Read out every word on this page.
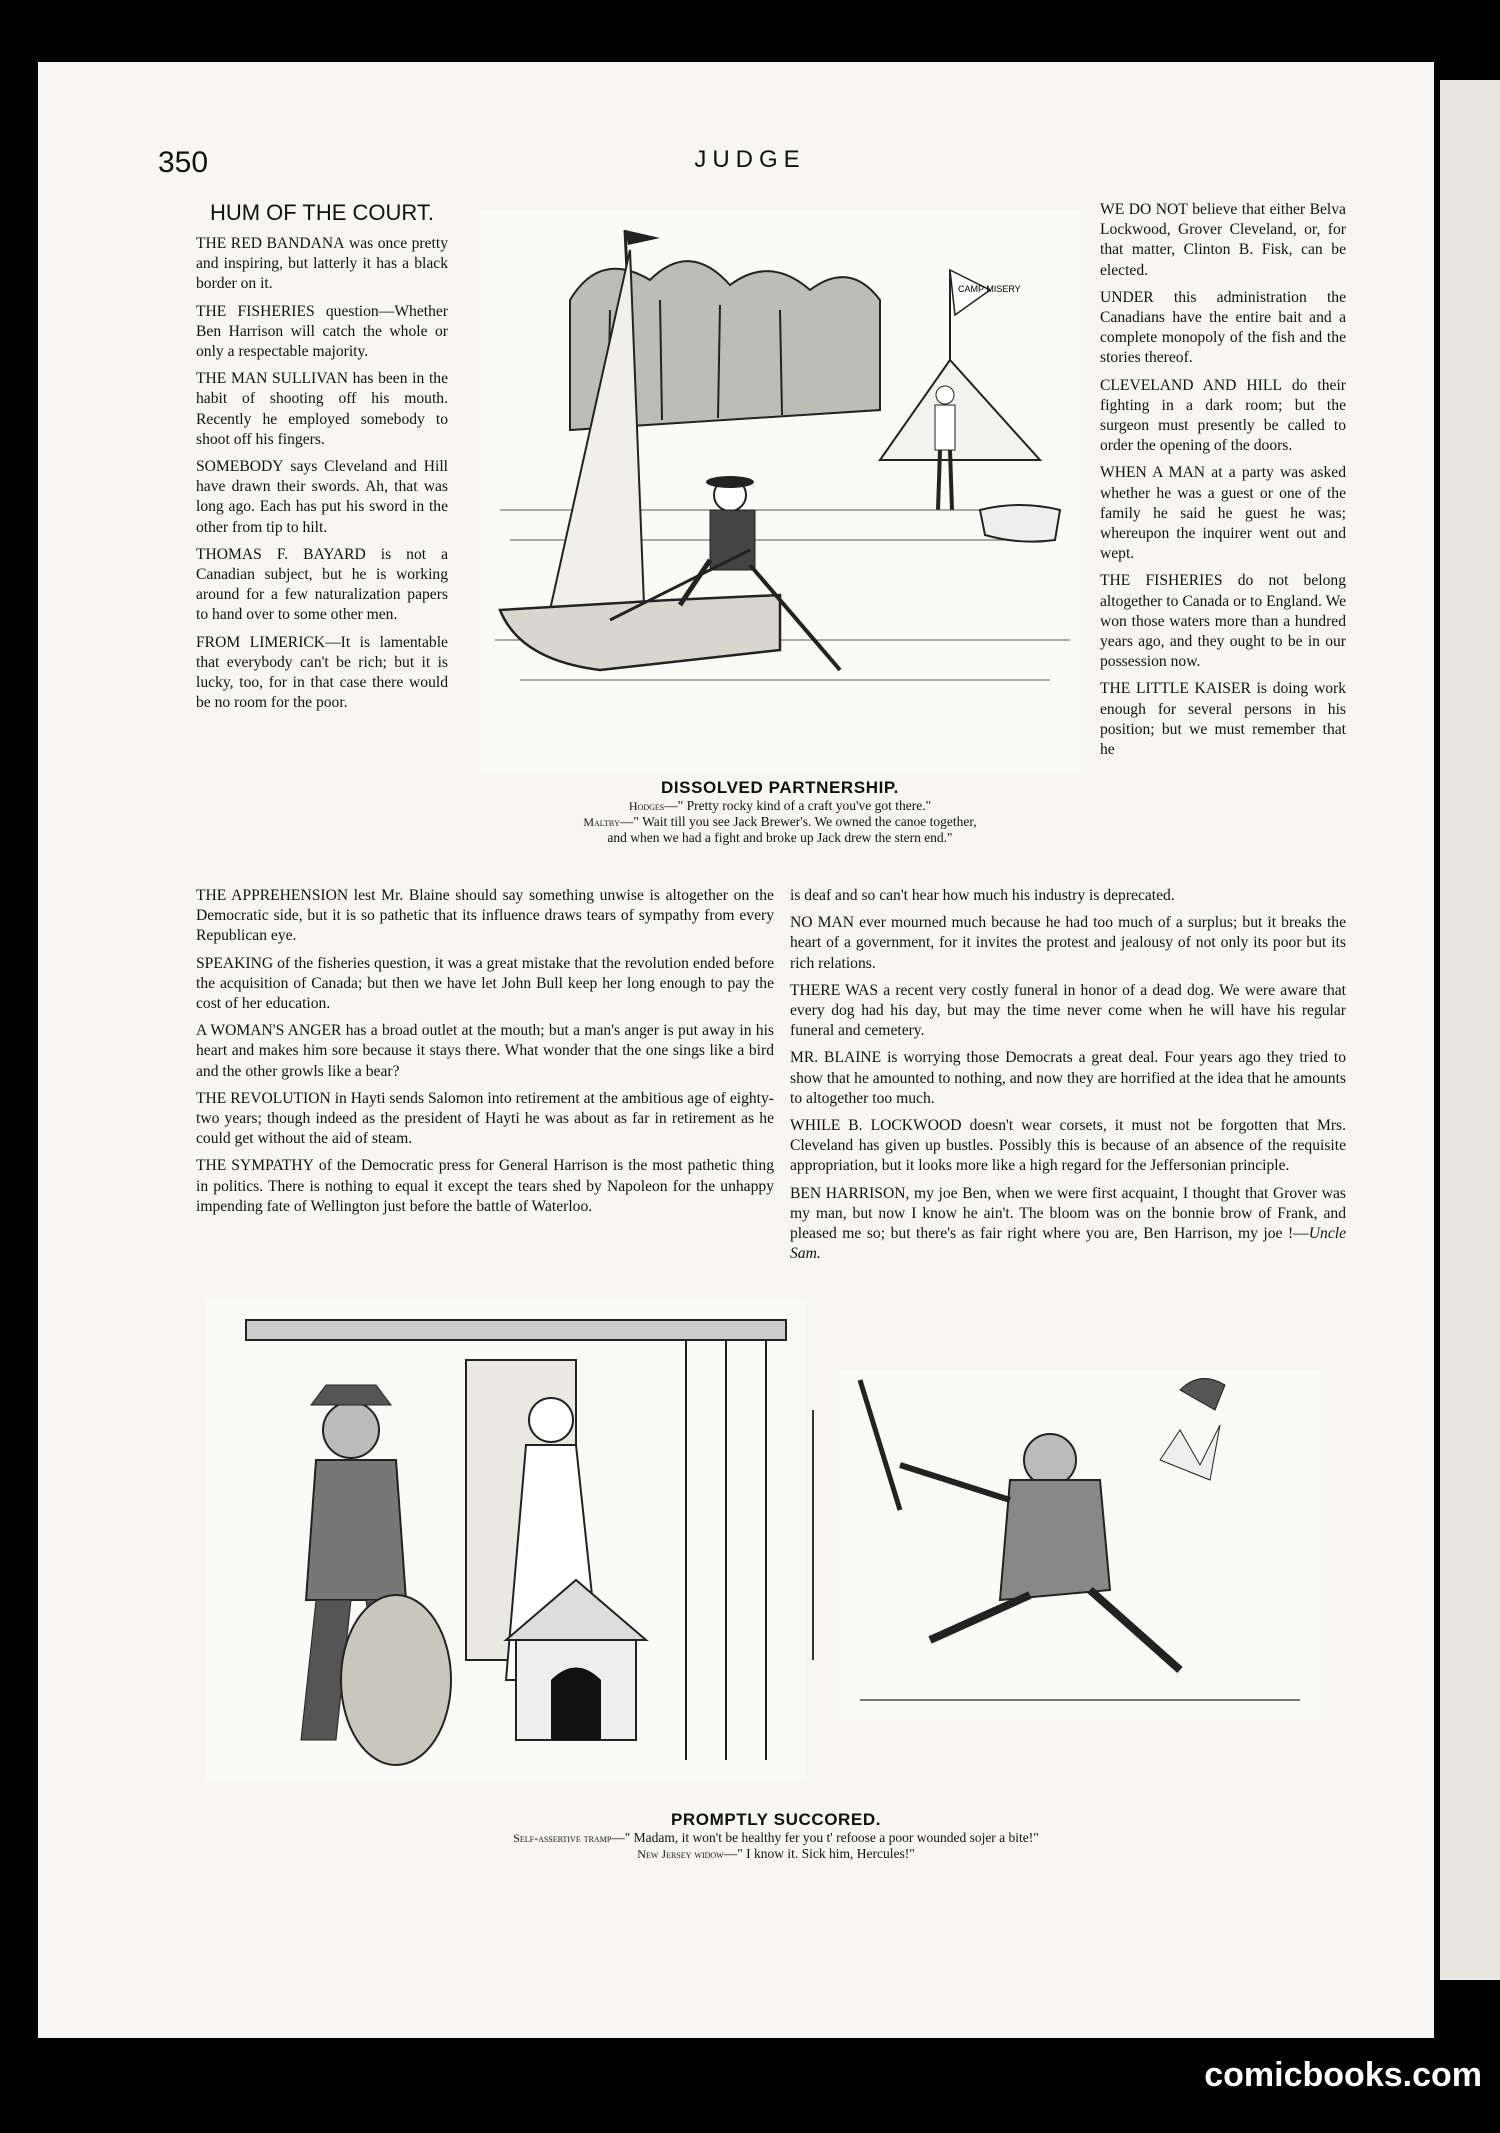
350	JUDGE
HUM OF THE COURT.

THE RED BANDANA was once pretty and inspiring, but latterly it has a black border on it.

THE FISHERIES question—Whether Ben Harrison will catch the whole or only a respectable majority.

THE MAN SULLIVAN has been in the habit of shooting off his mouth. Recently he employed somebody to shoot off his fingers.

SOMEBODY says Cleveland and Hill have drawn their swords. Ah, that was long ago. Each has put his sword in the other from tip to hilt.

THOMAS F. BAYARD is not a Canadian subject, but he is working around for a few naturalization papers to hand over to some other men.

FROM LIMERICK—It is lamentable that everybody can't be rich; but it is lucky, too, for in that case there would be no room for the poor.

CAMP MISERY
DISSOLVED PARTNERSHIP.
Hodges—" Pretty rocky kind of a craft you've got there."
Maltby—" Wait till you see Jack Brewer's. We owned the canoe together,
and when we had a fight and broke up Jack drew the stern end."

WE DO NOT believe that either Belva Lockwood, Grover Cleveland, or, for that matter, Clinton B. Fisk, can be elected.

UNDER this administration the Canadians have the entire bait and a complete monopoly of the fish and the stories thereof.

CLEVELAND AND HILL do their fighting in a dark room; but the surgeon must presently be called to order the opening of the doors.

WHEN A MAN at a party was asked whether he was a guest or one of the family he said he guest he was; whereupon the inquirer went out and wept.

THE FISHERIES do not belong altogether to Canada or to England. We won those waters more than a hundred years ago, and they ought to be in our possession now.

THE LITTLE KAISER is doing work enough for several persons in his position; but we must remember that he

THE APPREHENSION lest Mr. Blaine should say something unwise is altogether on the Democratic side, but it is so pathetic that its influence draws tears of sympathy from every Republican eye.

SPEAKING of the fisheries question, it was a great mistake that the revolution ended before the acquisition of Canada; but then we have let John Bull keep her long enough to pay the cost of her education.

A WOMAN'S ANGER has a broad outlet at the mouth; but a man's anger is put away in his heart and makes him sore because it stays there. What wonder that the one sings like a bird and the other growls like a bear?

THE REVOLUTION in Hayti sends Salomon into retirement at the ambitious age of eighty-two years; though indeed as the president of Hayti he was about as far in retirement as he could get without the aid of steam.

THE SYMPATHY of the Democratic press for General Harrison is the most pathetic thing in politics. There is nothing to equal it except the tears shed by Napoleon for the unhappy impending fate of Wellington just before the battle of Waterloo.

is deaf and so can't hear how much his industry is deprecated.

NO MAN ever mourned much because he had too much of a surplus; but it breaks the heart of a government, for it invites the protest and jealousy of not only its poor but its rich relations.

THERE WAS a recent very costly funeral in honor of a dead dog. We were aware that every dog had his day, but may the time never come when he will have his regular funeral and cemetery.

MR. BLAINE is worrying those Democrats a great deal. Four years ago they tried to show that he amounted to nothing, and now they are horrified at the idea that he amounts to altogether too much.

WHILE B. LOCKWOOD doesn't wear corsets, it must not be forgotten that Mrs. Cleveland has given up bustles. Possibly this is because of an absence of the requisite appropriation, but it looks more like a high regard for the Jeffersonian principle.

BEN HARRISON, my joe Ben, when we were first acquaint, I thought that Grover was my man, but now I know he ain't. The bloom was on the bonnie brow of Frank, and pleased me so; but there's as fair right where you are, Ben Harrison, my joe !—Uncle Sam.

PROMPTLY SUCCORED.
Self-assertive tramp—" Madam, it won't be healthy fer you t' refoose a poor wounded sojer a bite!"
New Jersey widow—" I know it. Sick him, Hercules!"
comicbooks.com
